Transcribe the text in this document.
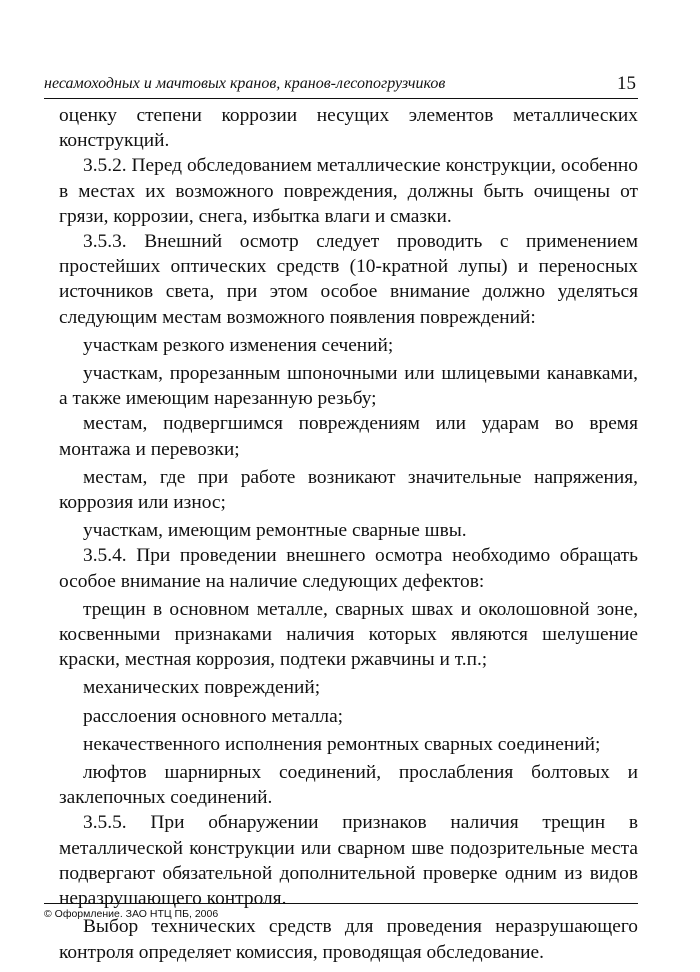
несамоходных и мачтовых кранов, кранов-лесопогрузчиков	15

оценку степени коррозии несущих элементов металлических конструкций.

3.5.2. Перед обследованием металлические конструкции, особенно в местах их возможного повреждения, должны быть очищены от грязи, коррозии, снега, избытка влаги и смазки.

3.5.3. Внешний осмотр следует проводить с применением простейших оптических средств (10-кратной лупы) и переносных источников света, при этом особое внимание должно уделяться следующим местам возможного появления повреждений:

участкам резкого изменения сечений;

участкам, прорезанным шпоночными или шлицевыми канавками, а также имеющим нарезанную резьбу;

местам, подвергшимся повреждениям или ударам во время монтажа и перевозки;

местам, где при работе возникают значительные напряжения, коррозия или износ;

участкам, имеющим ремонтные сварные швы.

3.5.4. При проведении внешнего осмотра необходимо обращать особое внимание на наличие следующих дефектов:

трещин в основном металле, сварных швах и околошовной зоне, косвенными признаками наличия которых являются шелушение краски, местная коррозия, подтеки ржавчины и т.п.;

механических повреждений;

расслоения основного металла;

некачественного исполнения ремонтных сварных соединений;

люфтов шарнирных соединений, прослабления болтовых и заклепочных соединений.

3.5.5. При обнаружении признаков наличия трещин в металлической конструкции или сварном шве подозрительные места подвергают обязательной дополнительной проверке одним из видов неразрушающего контроля.

Выбор технических средств для проведения неразрушающего контроля определяет комиссия, проводящая обследование.

© Оформление. ЗАО НТЦ ПБ, 2006
